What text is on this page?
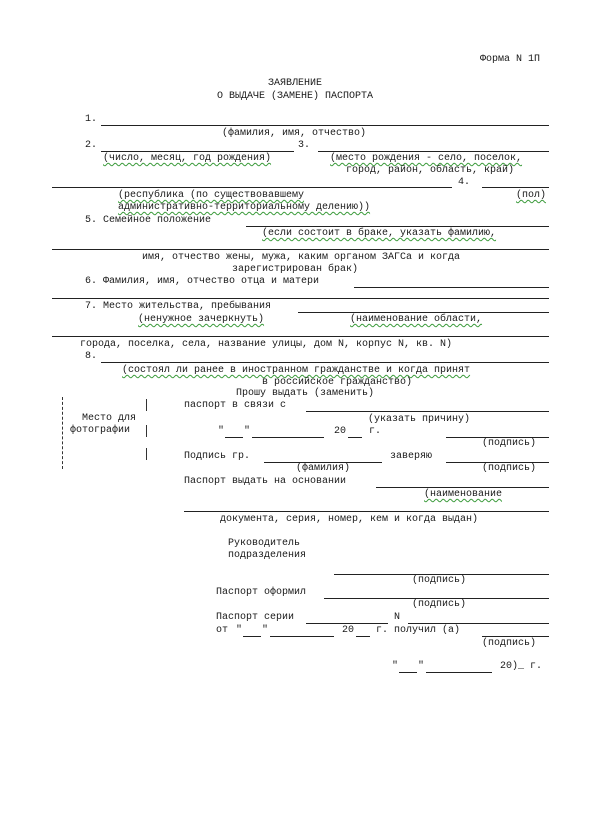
Форма N 1П
ЗАЯВЛЕНИЕ
О ВЫДАЧЕ (ЗАМЕНЕ) ПАСПОРТА
1.
(фамилия, имя, отчество)
2.	3.
(число, месяц, год рождения)	(место рождения - село, поселок,
город, район, область, край)
4.
(республика (по существовавшему	(пол)
административно-территориальному делению))
5. Семейное положение
(если состоит в браке, указать фамилию,
имя, отчество жены, мужа, каким органом ЗАГСа и когда
зарегистрирован брак)
6. Фамилия, имя, отчество отца и матери
7. Место жительства, пребывания
(ненужное зачеркнуть)	(наименование области,
города, поселка, села, название улицы, дом N, корпус N, кв. N)
8.
(состоял ли ранее в иностранном гражданстве и когда принят
в российское гражданство)
Место для
фотографии
Прошу выдать (заменить)
паспорт в связи с
(указать причину)
" "	20 г.
(подпись)
Подпись гр.	заверяю
(фамилия)	(подпись)
Паспорт выдать на основании
(наименование
документа, серия, номер, кем и когда выдан)
Руководитель
подразделения
(подпись)
Паспорт оформил
(подпись)
Паспорт серии	N
от " "	20 г. получил (а)
(подпись)
" "	20)_ г.
